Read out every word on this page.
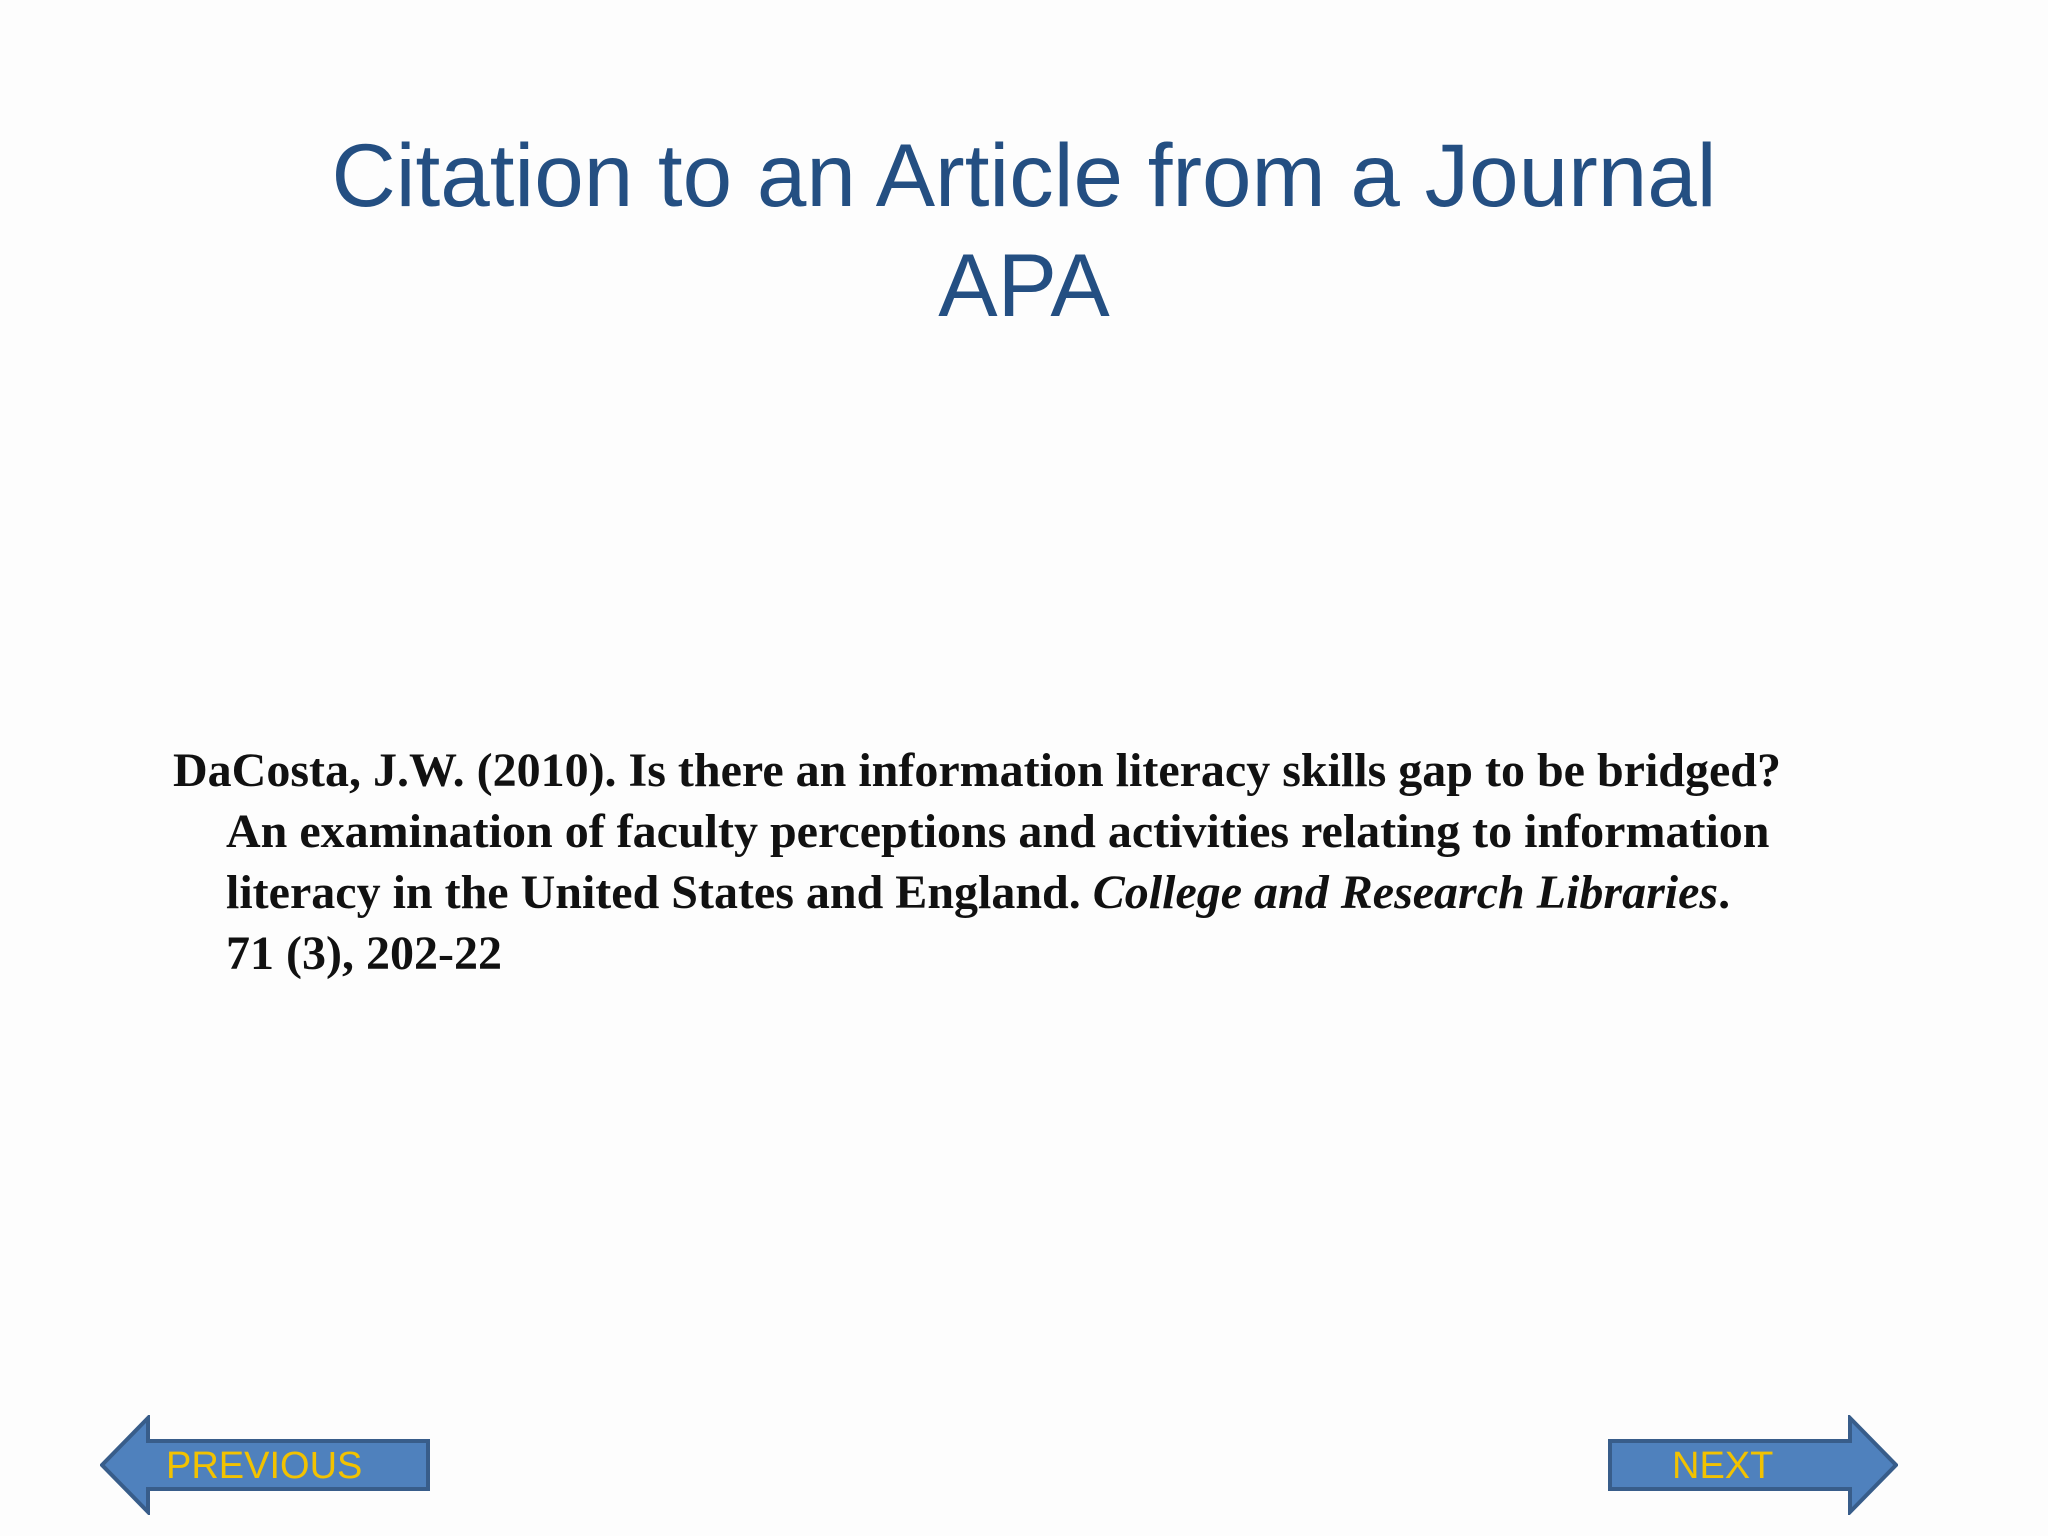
Citation to an Article from a Journal
APA
DaCosta, J.W. (2010). Is there an information literacy skills gap to be bridged?
An examination of faculty perceptions and activities relating to information
literacy in the United States and England. College and Research Libraries.
71 (3), 202-22
PREVIOUS	NEXT
